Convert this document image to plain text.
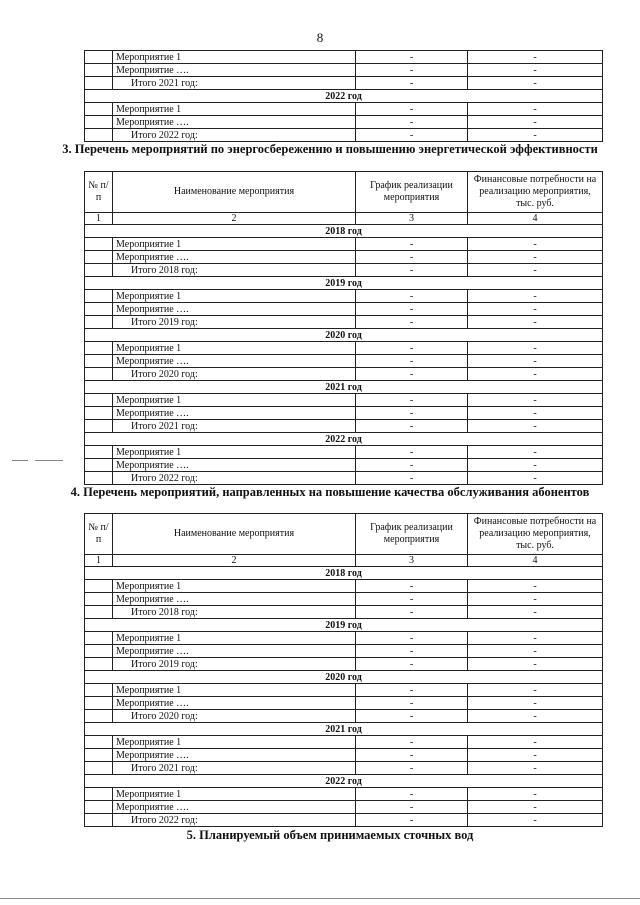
8
	Мероприятие 1	-	-
	Мероприятие ….	-	-
	Итого 2021 год:	-	-
2022 год			
	Мероприятие 1	-	-
	Мероприятие ….	-	-
	Итого 2022 год:	-	-
3. Перечень мероприятий по энергосбережению и повышению энергетической эффективности
№ п/п	Наименование мероприятия	График реализации мероприятия	Финансовые потребности на реализацию мероприятия, тыс. руб.
1	2	3	4
2018 год			
	Мероприятие 1	-	-
	Мероприятие ….	-	-
	Итого 2018 год:	-	-
2019 год			
	Мероприятие 1	-	-
	Мероприятие ….	-	-
	Итого 2019 год:	-	-
2020 год			
	Мероприятие 1	-	-
	Мероприятие ….	-	-
	Итого 2020 год:	-	-
2021 год			
	Мероприятие 1	-	-
	Мероприятие ….	-	-
	Итого 2021 год:	-	-
2022 год			
	Мероприятие 1	-	-
	Мероприятие ….	-	-
	Итого 2022 год:	-	-
4. Перечень мероприятий, направленных на повышение качества обслуживания абонентов
№ п/п	Наименование мероприятия	График реализации мероприятия	Финансовые потребности на реализацию мероприятия, тыс. руб.
1	2	3	4
2018 год			
	Мероприятие 1	-	-
	Мероприятие ….	-	-
	Итого 2018 год:	-	-
2019 год			
	Мероприятие 1	-	-
	Мероприятие ….	-	-
	Итого 2019 год:	-	-
2020 год			
	Мероприятие 1	-	-
	Мероприятие ….	-	-
	Итого 2020 год:	-	-
2021 год			
	Мероприятие 1	-	-
	Мероприятие ….	-	-
	Итого 2021 год:	-	-
2022 год			
	Мероприятие 1	-	-
	Мероприятие ….	-	-
	Итого 2022 год:	-	-
5. Планируемый объем принимаемых сточных вод
